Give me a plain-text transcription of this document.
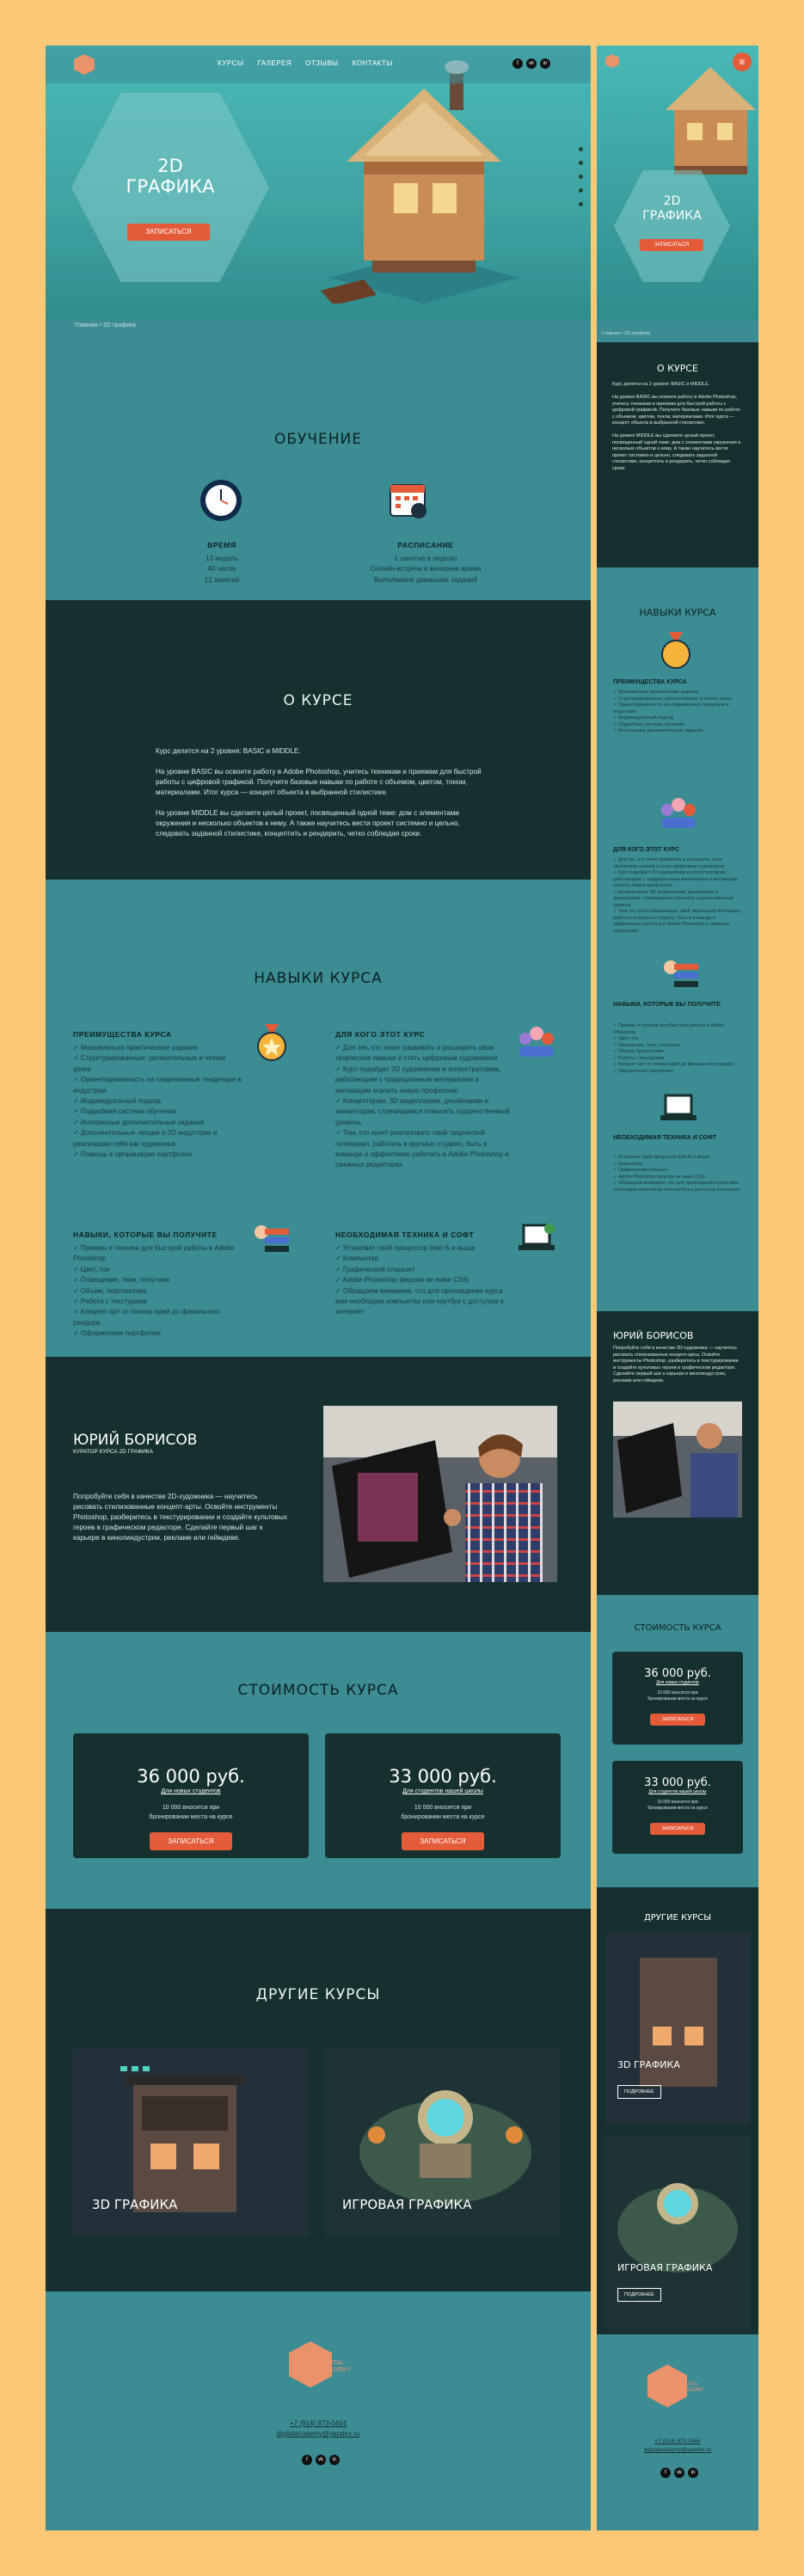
2D
ГРАФИКА
ЗАПИСАТЬСЯ
КУРСЫ ГАЛЕРЕЯ ОТЗЫВЫ КОНТАКТЫ	f	vk	in
Главная • 2D графика
ОБУЧЕНИЕ
ВРЕМЯ
12 недель
40 часов
12 занятий
РАСПИСАНИЕ
1 занятие в неделю
Онлайн-встречи в вечернее время
Выполнение домашних заданий
О КУРСЕ

Курс делится на 2 уровня: BASIC и MIDDLE.

На уровне BASIC вы освоите работу в Adobe Photoshop, учитесь техникам и приемам для быстрой работы с цифровой графикой. Получите базовые навыки по работе с объемом, цветом, тоном, материалами. Итог курса — концепт объекта в выбранной стилистике.

На уровне MIDDLE вы сделаете целый проект, посвященный одной теме: дом с элементами окружения и несколько объектов к нему. А также научитесь вести проект системно и цельно, следовать заданной стилистике, концептить и рендерить, четко соблюдая сроки.

НАВЫКИ КУРСА
ПРЕИМУЩЕСТВА КУРСА
✓ Максимально практические задания
✓ Структурированные, увлекательные и четкие уроки
✓ Ориентированность на современные тенденции в индустрии
✓ Индивидуальный подход
✓ Подробная система обучения
✓ Интересные дополнительные задания
✓ Дополнительные лекции о 2D индустрии и реализации себя как художника
✓ Помощь в организации портфолио
ДЛЯ КОГО ЭТОТ КУРС
✓ Для тех, кто хочет развивать и расширять свои творческие навыки и стать цифровым художником
✓ Курс подойдет 2D художникам и иллюстраторам, работающим с традиционным материалом и желающим освоить новую профессию
✓ Концептерам, 3D моделлерам, дизайнерам и аниматорам, стремящимся повысить художественный уровень
✓ Тем, кто хочет реализовать свой творческий потенциал, работать в крупных студиях, быть в команде и эффективно работать в Adobe Photoshop и смежных редакторах
НАВЫКИ, КОТОРЫЕ ВЫ ПОЛУЧИТЕ
✓ Приемы и техники для быстрой работы в Adobe Photoshop
✓ Цвет, тон
✓ Освещение, тени, полутени
✓ Объем, перспектива
✓ Работа с текстурами
✓ Концепт-арт от поиска идей до финального рендера
✓ Оформление портфолио
НЕОБХОДИМАЯ ТЕХНИКА И СОФТ
✓ Установят свой процессор Intel i5 и выше
✓ Компьютер
✓ Графический планшет
✓ Adobe Photoshop (версии не ниже CS6)
✓ Обращаем внимание, что для прохождения курса вам необходим компьютер или ноутбук с доступом в интернет
ЮРИЙ БОРИСОВ
КУРАТОР КУРСА 2D ГРАФИКА
Попробуйте себя в качестве 2D-художника — научитесь рисовать стилизованные концепт-арты. Освойте инструменты Photoshop, разберитесь в текстурировании и создайте культовых героев в графическом редакторе. Сделайте первый шаг к карьере в кинолиндустрии, рекламе или геймдеве.
СТОИМОСТЬ КУРСА
36 000 руб.
Для новых студентов
10 000 вносится при
бронировании места на курсе
ЗАПИСАТЬСЯ
33 000 руб.
Для студентов нашей школы
10 000 вносится при
бронировании места на курсе
ЗАПИСАТЬСЯ
ДРУГИЕ КУРСЫ
3D ГРАФИКА	ИГРОВАЯ ГРАФИКА
DIGITAL
ACADEMY
+7 (914) 873-0464
digitalacademy@yandex.ru
f	vk	in
≡
2D
ГРАФИКА
ЗАПИСАТЬСЯ
Главная • 2D графика
О КУРСЕ

Курс делится на 2 уровня: BASIC и MIDDLE.

На уровне BASIC вы освоите работу в Adobe Photoshop, учитесь техникам и приемам для быстрой работы с цифровой графикой. Получите базовые навыки по работе с объемом, цветом, тоном, материалами. Итог курса — концепт объекта в выбранной стилистике.

На уровне MIDDLE вы сделаете целый проект, посвященный одной теме: дом с элементами окружения и несколько объектов к нему. А также научитесь вести проект системно и цельно, следовать заданной стилистике, концептить и рендерить, четко соблюдая сроки.

НАВЫКИ КУРСА
ПРЕИМУЩЕСТВА КУРСА
✓ Максимально практические задания
✓ Структурированные, увлекательные и четкие уроки
✓ Ориентированность на современные тенденции в индустрии
✓ Индивидуальный подход
✓ Подробная система обучения
✓ Интересные дополнительные задания
ДЛЯ КОГО ЭТОТ КУРС
✓ Для тех, кто хочет развивать и расширять свои творческие навыки и стать цифровым художником
✓ Курс подойдет 2D художникам и иллюстраторам, работающим с традиционным материалом и желающим освоить новую профессию
✓ Концептерам, 3D моделлерам, дизайнерам и аниматорам, стремящимся повысить художественный уровень
✓ Тем, кто хочет реализовать свой творческий потенциал, работать в крупных студиях, быть в команде и эффективно работать в Adobe Photoshop и смежных редакторах
НАВЫКИ, КОТОРЫЕ ВЫ ПОЛУЧИТЕ
✓ Приемы и техники для быстрой работы в Adobe Photoshop
✓ Цвет, тон
✓ Освещение, тени, полутени
✓ Объем, перспектива
✓ Работа с текстурами
✓ Концепт-арт от поиска идей до финального рендера
✓ Оформление портфолио
НЕОБХОДИМАЯ ТЕХНИКА И СОФТ
✓ Установят свой процессор Intel i5 и выше
✓ Компьютер
✓ Графический планшет
✓ Adobe Photoshop (версии не ниже CS6)
✓ Обращаем внимание, что для прохождения курса вам необходим компьютер или ноутбук с доступом в интернет
ЮРИЙ БОРИСОВ
Попробуйте себя в качестве 2D-художника — научитесь рисовать стилизованные концепт-арты. Освойте инструменты Photoshop, разберитесь в текстурировании и создайте культовых героев в графическом редакторе. Сделайте первый шаг к карьере в кинолиндустрии, рекламе или геймдеве.
СТОИМОСТЬ КУРСА
36 000 руб.
Для новых студентов
10 000 вносится при
бронировании места на курсе
ЗАПИСАТЬСЯ
33 000 руб.
Для студентов нашей школы
10 000 вносится при
бронировании места на курсе
ЗАПИСАТЬСЯ
ДРУГИЕ КУРСЫ
3D ГРАФИКА
ПОДРОБНЕЕ
ИГРОВАЯ ГРАФИКА
ПОДРОБНЕЕ
DIGITAL
ACADEMY
+7 (914) 873-0464
digitalacademy@yandex.ru
f	vk	in
